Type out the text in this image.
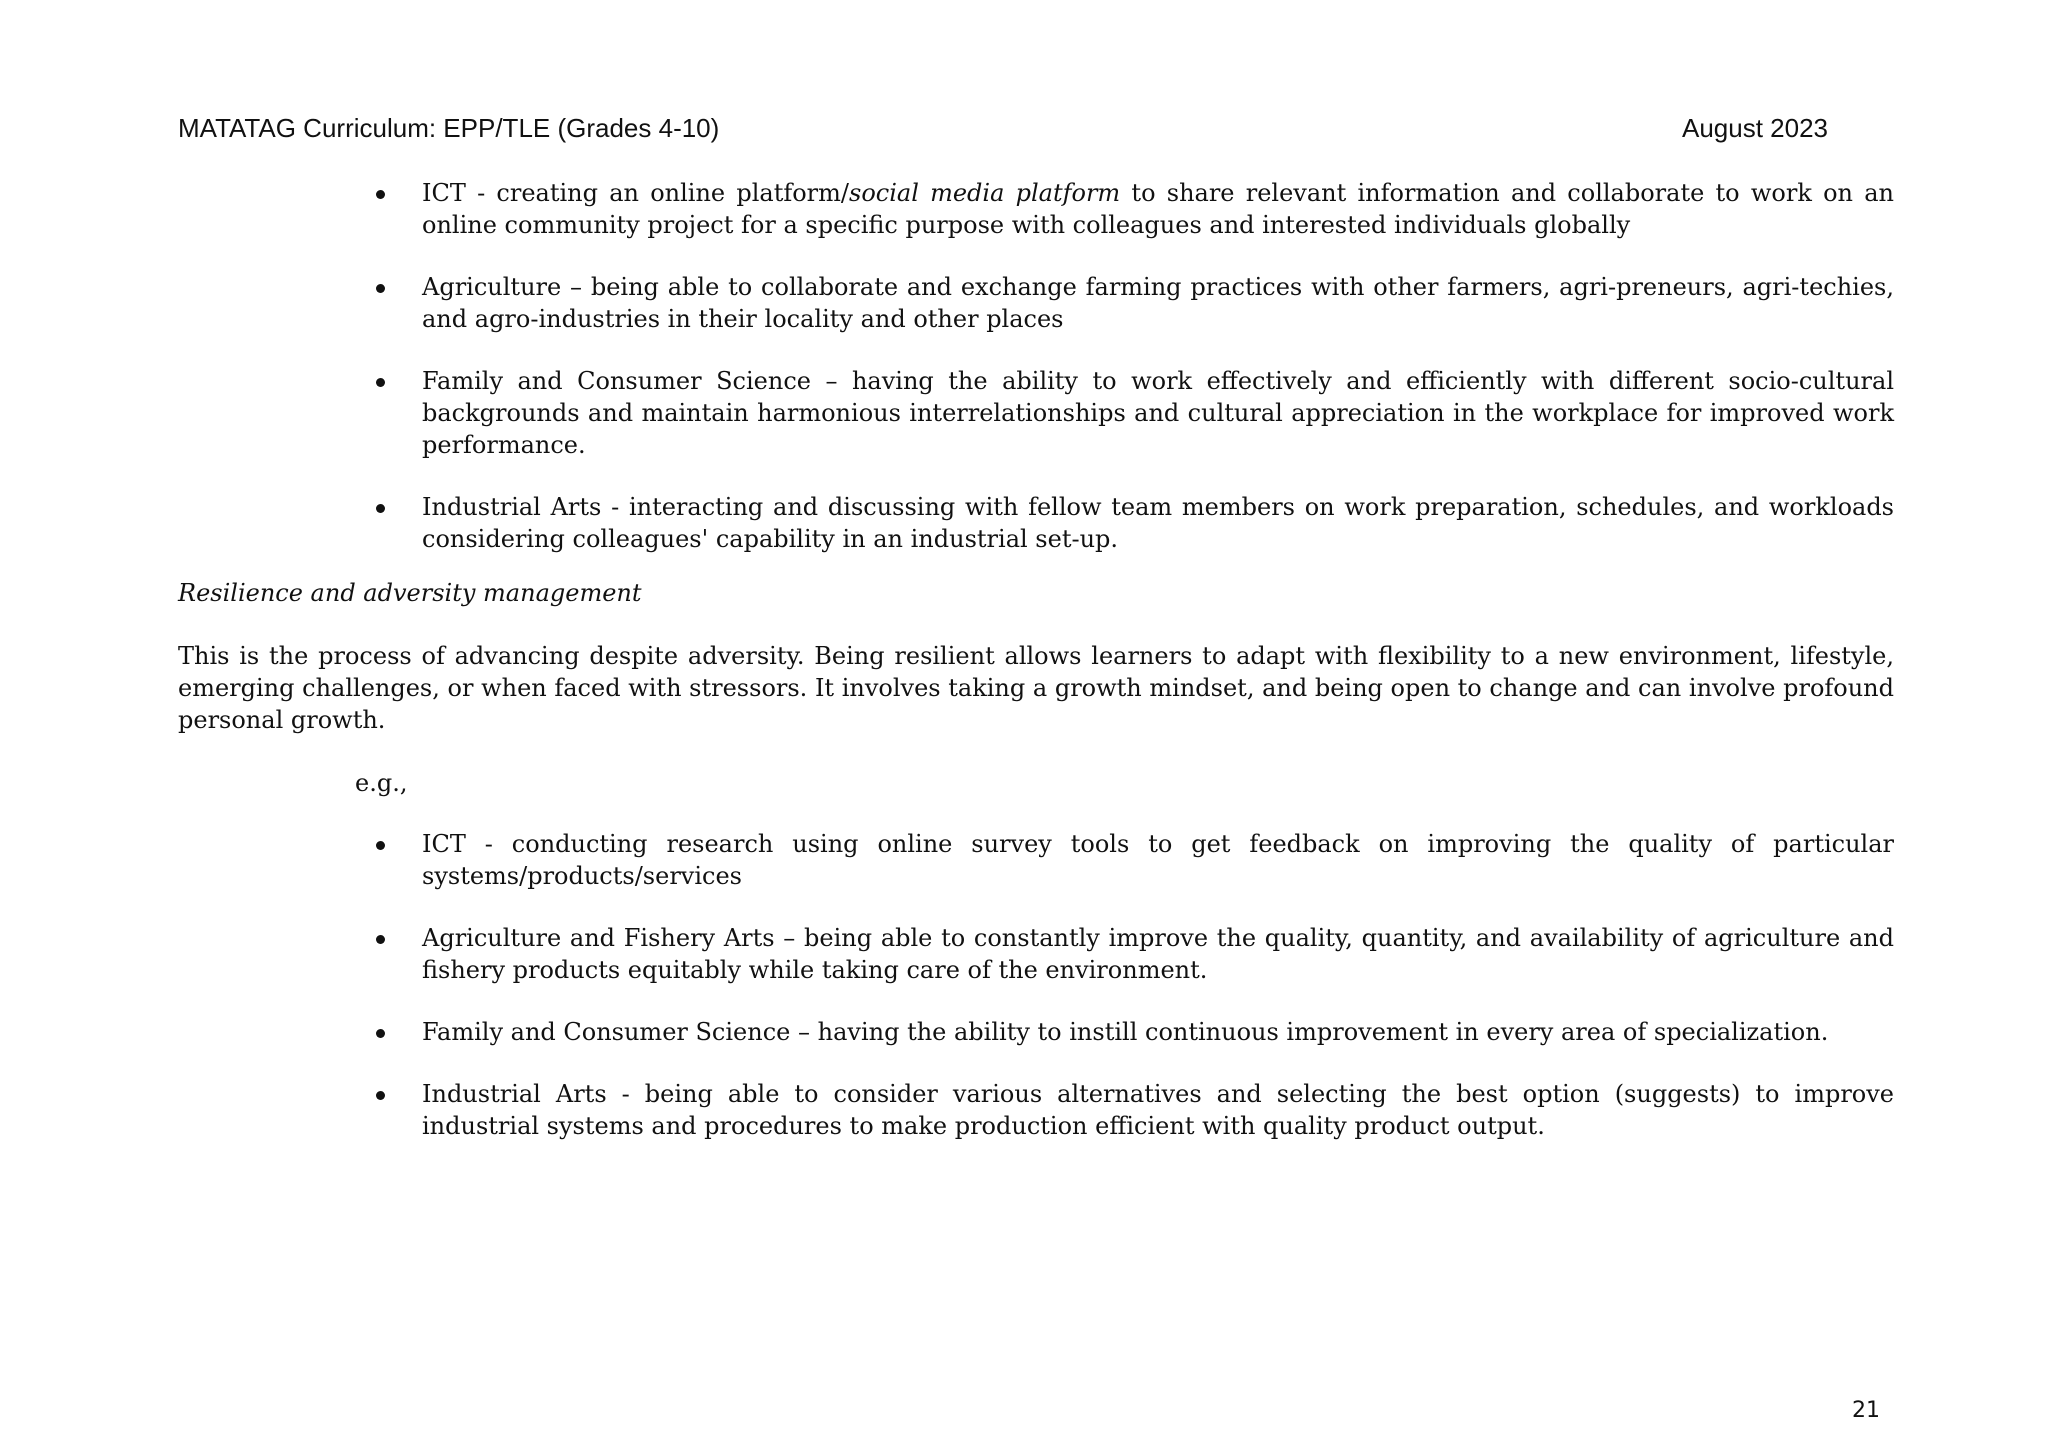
MATATAG Curriculum: EPP/TLE (Grades 4-10)	August 2023
ICT - creating an online platform/social media platform to share relevant information and collaborate to work on an online community project for a specific purpose with colleagues and interested individuals globally
Agriculture – being able to collaborate and exchange farming practices with other farmers, agri-preneurs, agri-techies, and agro-industries in their locality and other places
Family and Consumer Science – having the ability to work effectively and efficiently with different socio-cultural backgrounds and maintain harmonious interrelationships and cultural appreciation in the workplace for improved work performance.
Industrial Arts - interacting and discussing with fellow team members on work preparation, schedules, and workloads considering colleagues' capability in an industrial set-up.
Resilience and adversity management

This is the process of advancing despite adversity. Being resilient allows learners to adapt with flexibility to a new environment, lifestyle, emerging challenges, or when faced with stressors. It involves taking a growth mindset, and being open to change and can involve profound personal growth.

e.g.,
ICT - conducting research using online survey tools to get feedback on improving the quality of particular systems/products/services
Agriculture and Fishery Arts – being able to constantly improve the quality, quantity, and availability of agriculture and fishery products equitably while taking care of the environment.
Family and Consumer Science – having the ability to instill continuous improvement in every area of specialization.
Industrial Arts - being able to consider various alternatives and selecting the best option (suggests) to improve industrial systems and procedures to make production efficient with quality product output.
21
